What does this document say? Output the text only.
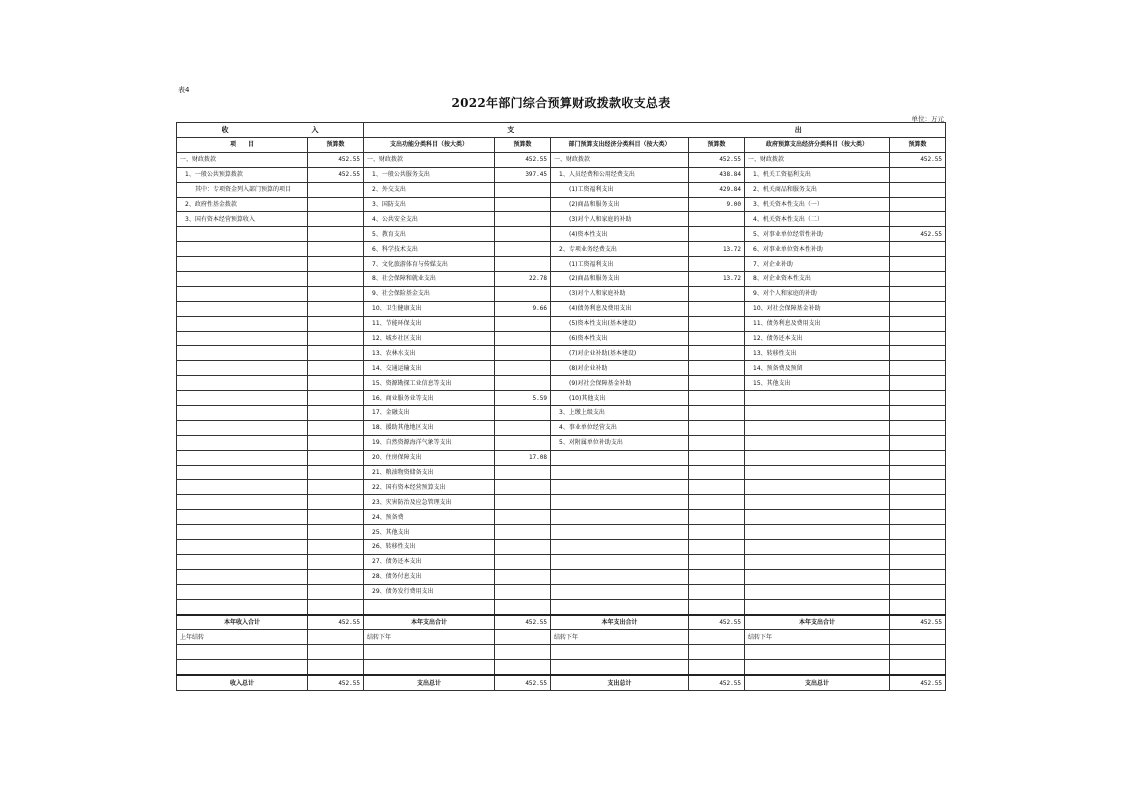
表4
2022年部门综合预算财政拨款收支总表
单位：万元
收 入		支 出					

项　　目	预算数	支出功能分类科目（按大类）	预算数	部门预算支出经济分类科目（按大类）	预算数	政府预算支出经济分类科目（按大类）	预算数
一、财政拨款	452.55	一、财政拨款	452.55	一、财政拨款	452.55	一、财政拨款	452.55
1、一般公共预算拨款	452.55	1、一般公共服务支出	397.45	1、人员经费和公用经费支出	438.84	1、机关工资福利支出	
其中：专项资金列入部门预算的项目		2、外交支出		(1)工资福利支出	429.84	2、机关商品和服务支出	
2、政府性基金拨款		3、国防支出		(2)商品和服务支出	9.00	3、机关资本性支出（一）	
3、国有资本经营预算收入		4、公共安全支出		(3)对个人和家庭的补助		4、机关资本性支出（二）	
		5、教育支出		(4)资本性支出		5、对事业单位经常性补助	452.55
		6、科学技术支出		2、专项业务经费支出	13.72	6、对事业单位资本性补助	
		7、文化旅游体育与传媒支出		(1)工资福利支出		7、对企业补助	
		8、社会保障和就业支出	22.78	(2)商品和服务支出	13.72	8、对企业资本性支出	
		9、社会保险基金支出		(3)对个人和家庭补助		9、对个人和家庭的补助	
		10、卫生健康支出	9.66	(4)债务利息及费用支出		10、对社会保障基金补助	
		11、节能环保支出		(5)资本性支出(基本建设)		11、债务利息及费用支出	
		12、城乡社区支出		(6)资本性支出		12、债务还本支出	
		13、农林水支出		(7)对企业补助(基本建设)		13、转移性支出	
		14、交通运输支出		(8)对企业补助		14、预备费及预留	
		15、资源勘探工业信息等支出		(9)对社会保障基金补助		15、其他支出	
		16、商业服务业等支出	5.59	(10)其他支出			
		17、金融支出		3、上缴上级支出			
		18、援助其他地区支出		4、事业单位经营支出			
		19、自然资源海洋气象等支出		5、对附属单位补助支出			
		20、住房保障支出	17.08				
		21、粮油物资储备支出					
		22、国有资本经营预算支出					
		23、灾害防治及应急管理支出					
		24、预备费					
		25、其他支出					
		26、转移性支出					
		27、债务还本支出					
		28、债务付息支出					
		29、债务发行费用支出					

本年收入合计	452.55	本年支出合计	452.55	本年支出合计	452.55	本年支出合计	452.55
上年结转		结转下年		结转下年		结转下年	

收入总计	452.55	支出总计	452.55	支出总计	452.55	支出总计	452.55
